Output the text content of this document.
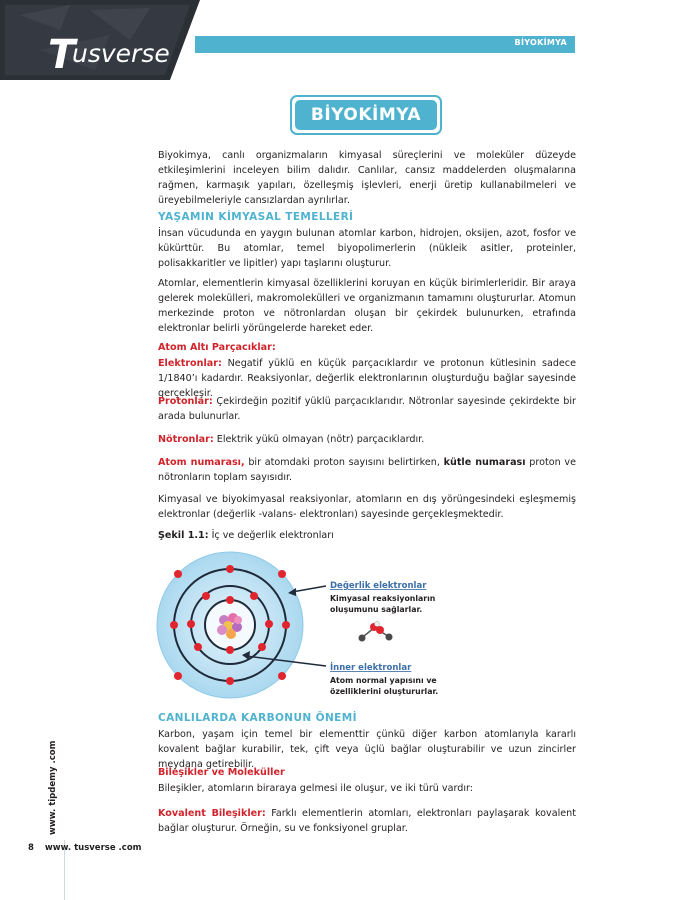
T
usverse	BİYOKİMYA
BİYOKİMYA

Biyokimya, canlı organizmaların kimyasal süreçlerini ve moleküler düzeyde etkileşimlerini inceleyen bilim dalıdır. Canlılar, cansız maddelerden oluşmalarına rağmen, karmaşık yapıları, özelleşmiş işlevleri, enerji üretip kullanabilmeleri ve üreyebilmeleriyle cansızlardan ayrılırlar.

YAŞAMIN KİMYASAL TEMELLERİ

İnsan vücudunda en yaygın bulunan atomlar karbon, hidrojen, oksijen, azot, fosfor ve kükürttür. Bu atomlar, temel biyopolimerlerin (nükleik asitler, proteinler, polisakkaritler ve lipitler) yapı taşlarını oluşturur.

Atomlar, elementlerin kimyasal özelliklerini koruyan en küçük birimlerleridir. Bir araya gelerek molekülleri, makromolekülleri ve organizmanın tamamını oluştururlar. Atomun merkezinde proton ve nötronlardan oluşan bir çekirdek bulunurken, etrafında elektronlar belirli yörüngelerde hareket eder.

Atom Altı Parçacıklar:

Elektronlar: Negatif yüklü en küçük parçacıklardır ve protonun kütlesinin sadece 1/1840’ı kadardır. Reaksiyonlar, değerlik elektronlarının oluşturduğu bağlar sayesinde gerçekleşir.

Protonlar: Çekirdeğin pozitif yüklü parçacıklarıdır. Nötronlar sayesinde çekirdekte bir arada bulunurlar.

Nötronlar: Elektrik yükü olmayan (nötr) parçacıklardır.

Atom numarası, bir atomdaki proton sayısını belirtirken, kütle numarası proton ve nötronların toplam sayısıdır.

Kimyasal ve biyokimyasal reaksiyonlar, atomların en dış yörüngesindeki eşleşmemiş elektronlar (değerlik -valans- elektronları) sayesinde gerçekleşmektedir.

Şekil 1.1: İç ve değerlik elektronları

Değerlik elektronlar
Kimyasal reaksiyonların
oluşumunu sağlarlar.
İnner elektronlar
Atom normal yapısını ve
özelliklerini oluştururlar.

CANLILARDA KARBONUN ÖNEMİ

Karbon, yaşam için temel bir elementtir çünkü diğer karbon atomlarıyla kararlı kovalent bağlar kurabilir, tek, çift veya üçlü bağlar oluşturabilir ve uzun zincirler meydana getirebilir.

Bileşikler ve Moleküller

Bileşikler, atomların biraraya gelmesi ile oluşur, ve iki türü vardır:

Kovalent Bileşikler: Farklı elementlerin atomları, elektronları paylaşarak kovalent bağlar oluşturur. Örneğin, su ve fonksiyonel gruplar.

www. tipdemy .com
8 www. tusverse .com
